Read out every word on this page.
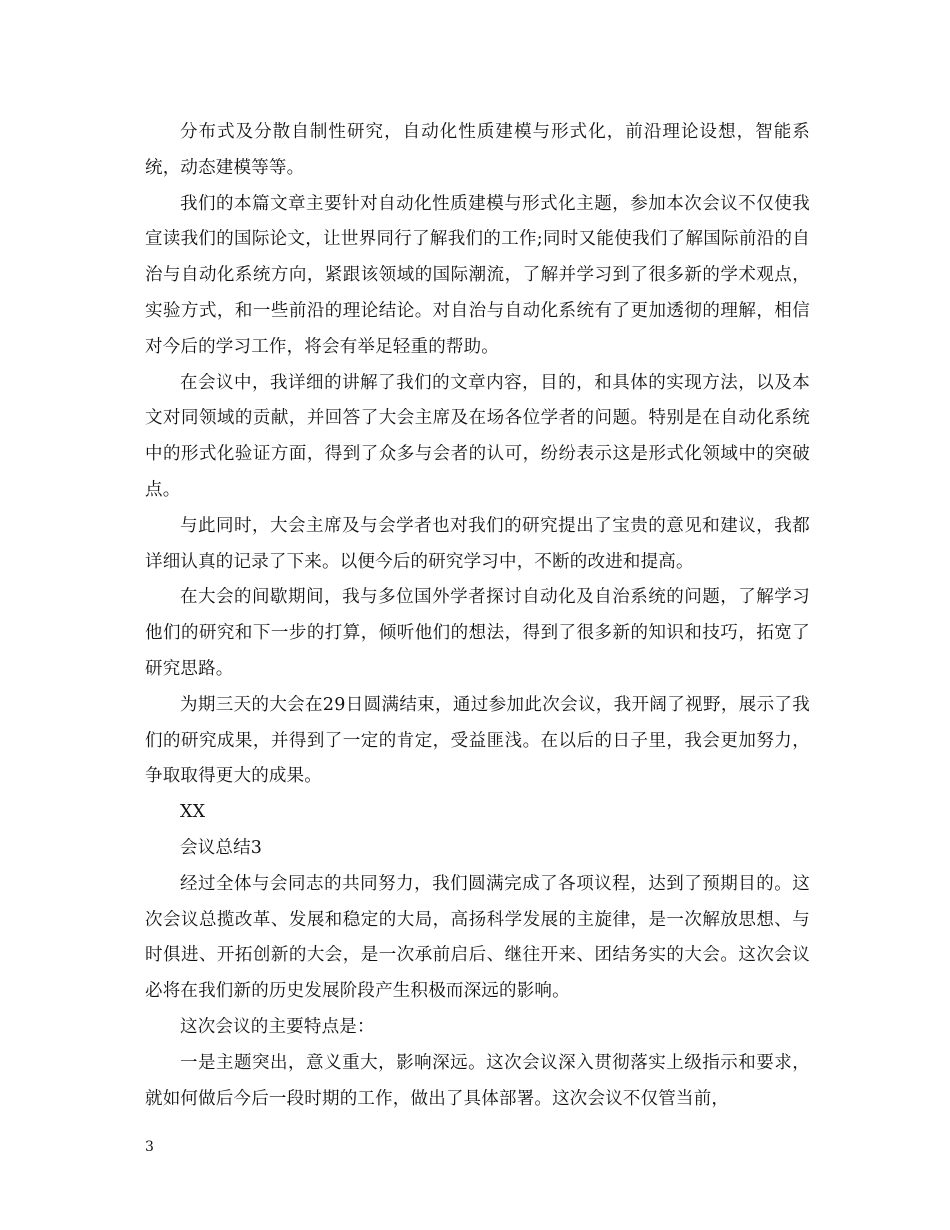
分布式及分散自制性研究，自动化性质建模与形式化，前沿理论设想，智能系统，动态建模等等。

我们的本篇文章主要针对自动化性质建模与形式化主题，参加本次会议不仅使我宣读我们的国际论文，让世界同行了解我们的工作;同时又能使我们了解国际前沿的自治与自动化系统方向，紧跟该领域的国际潮流，了解并学习到了很多新的学术观点，实验方式，和一些前沿的理论结论。对自治与自动化系统有了更加透彻的理解，相信对今后的学习工作，将会有举足轻重的帮助。

在会议中，我详细的讲解了我们的文章内容，目的，和具体的实现方法，以及本文对同领域的贡献，并回答了大会主席及在场各位学者的问题。特别是在自动化系统中的形式化验证方面，得到了众多与会者的认可，纷纷表示这是形式化领域中的突破点。

与此同时，大会主席及与会学者也对我们的研究提出了宝贵的意见和建议，我都详细认真的记录了下来。以便今后的研究学习中，不断的改进和提高。

在大会的间歇期间，我与多位国外学者探讨自动化及自治系统的问题，了解学习他们的研究和下一步的打算，倾听他们的想法，得到了很多新的知识和技巧，拓宽了研究思路。

为期三天的大会在29日圆满结束，通过参加此次会议，我开阔了视野，展示了我们的研究成果，并得到了一定的肯定，受益匪浅。在以后的日子里，我会更加努力，争取取得更大的成果。

XX

会议总结3

经过全体与会同志的共同努力，我们圆满完成了各项议程，达到了预期目的。这次会议总揽改革、发展和稳定的大局，高扬科学发展的主旋律，是一次解放思想、与时俱进、开拓创新的大会，是一次承前启后、继往开来、团结务实的大会。这次会议必将在我们新的历史发展阶段产生积极而深远的影响。

这次会议的主要特点是：

一是主题突出，意义重大，影响深远。这次会议深入贯彻落实上级指示和要求，就如何做后今后一段时期的工作，做出了具体部署。这次会议不仅管当前，

3
